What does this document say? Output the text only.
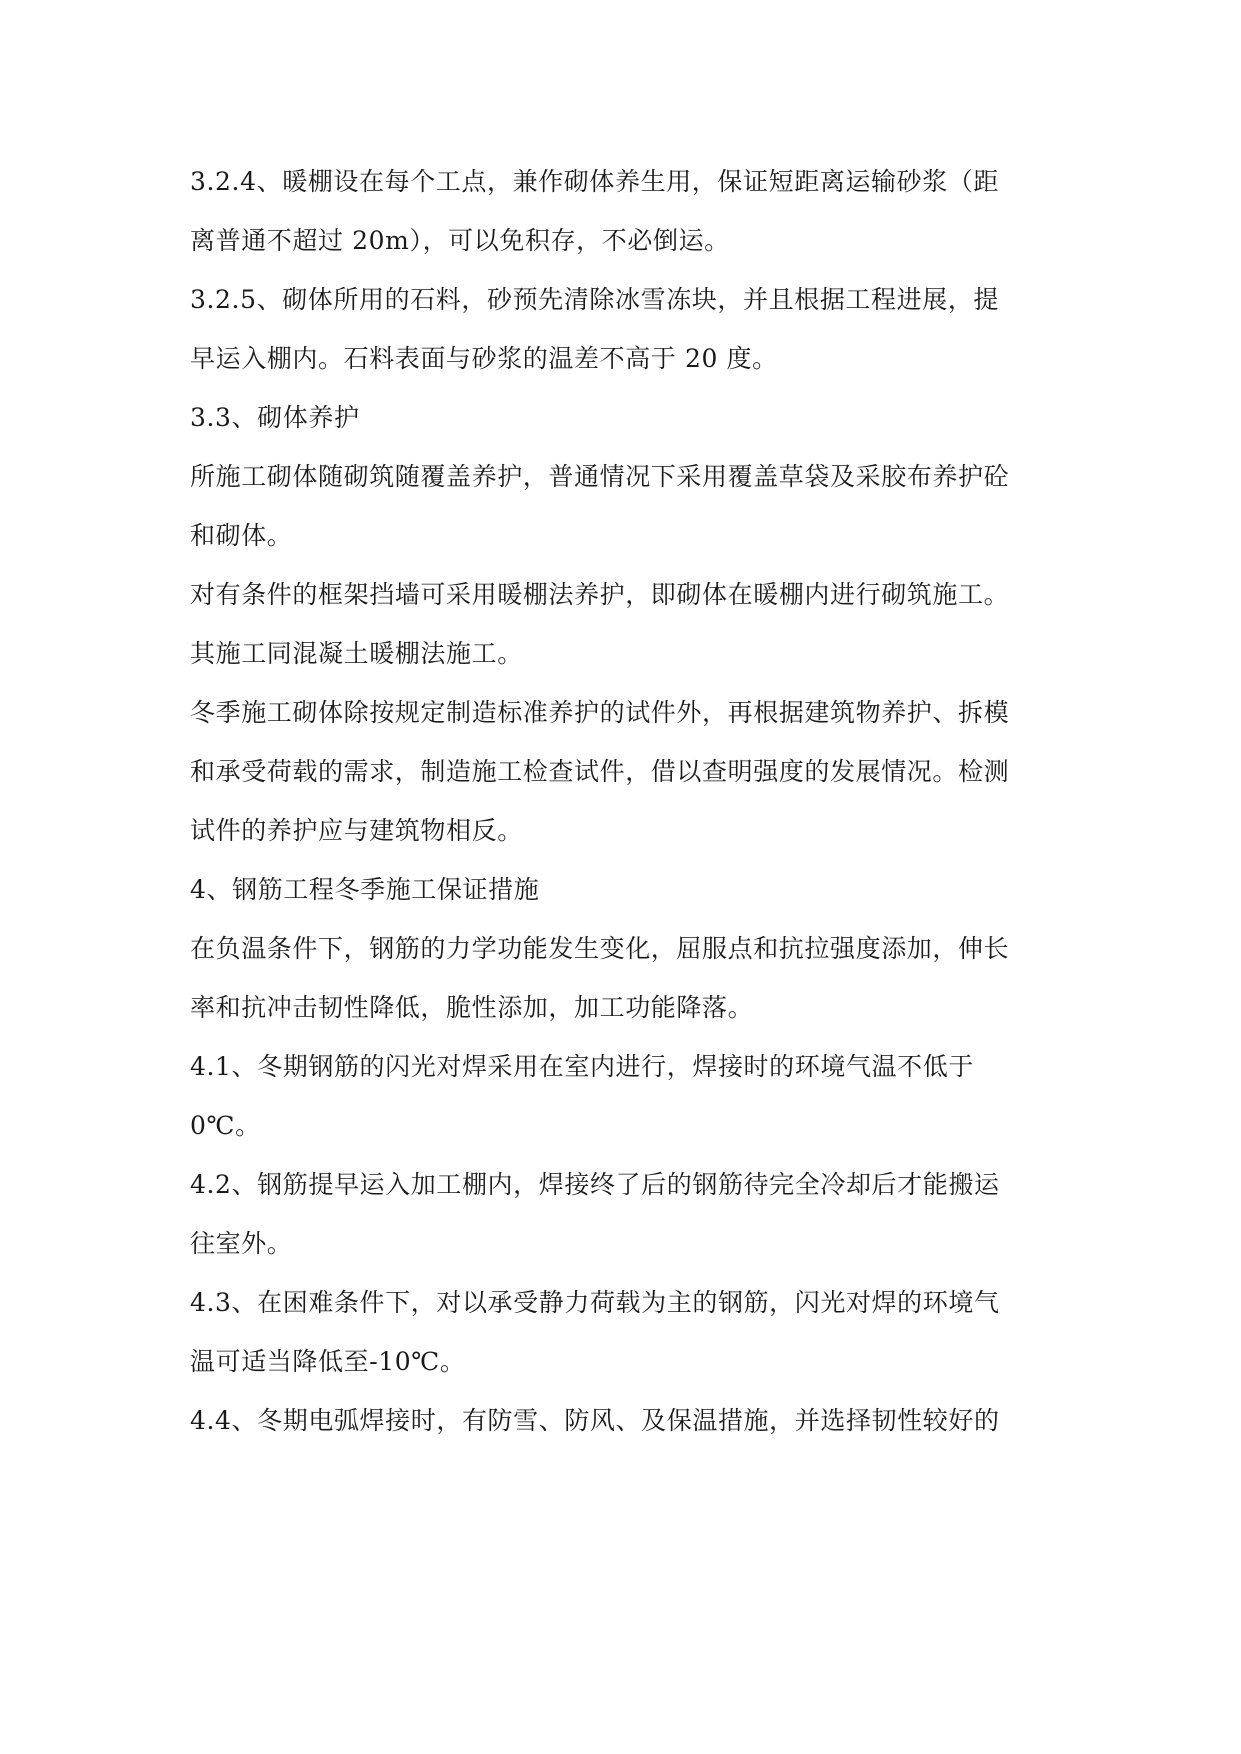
3.2.4、暖棚设在每个工点，兼作砌体养生用，保证短距离运输砂浆（距
离普通不超过 20m），可以免积存，不必倒运。
3.2.5、砌体所用的石料，砂预先清除冰雪冻块，并且根据工程进展，提
早运入棚内。石料表面与砂浆的温差不高于 20 度。
3.3、砌体养护
所施工砌体随砌筑随覆盖养护，普通情况下采用覆盖草袋及采胶布养护砼
和砌体。
对有条件的框架挡墙可采用暖棚法养护，即砌体在暖棚内进行砌筑施工。
其施工同混凝土暖棚法施工。
冬季施工砌体除按规定制造标准养护的试件外，再根据建筑物养护、拆模
和承受荷载的需求，制造施工检查试件，借以查明强度的发展情况。检测
试件的养护应与建筑物相反。
4、钢筋工程冬季施工保证措施
在负温条件下，钢筋的力学功能发生变化，屈服点和抗拉强度添加，伸长
率和抗冲击韧性降低，脆性添加，加工功能降落。
4.1、冬期钢筋的闪光对焊采用在室内进行，焊接时的环境气温不低于
0℃。
4.2、钢筋提早运入加工棚内，焊接终了后的钢筋待完全冷却后才能搬运
往室外。
4.3、在困难条件下，对以承受静力荷载为主的钢筋，闪光对焊的环境气
温可适当降低至-10℃。
4.4、冬期电弧焊接时，有防雪、防风、及保温措施，并选择韧性较好的
